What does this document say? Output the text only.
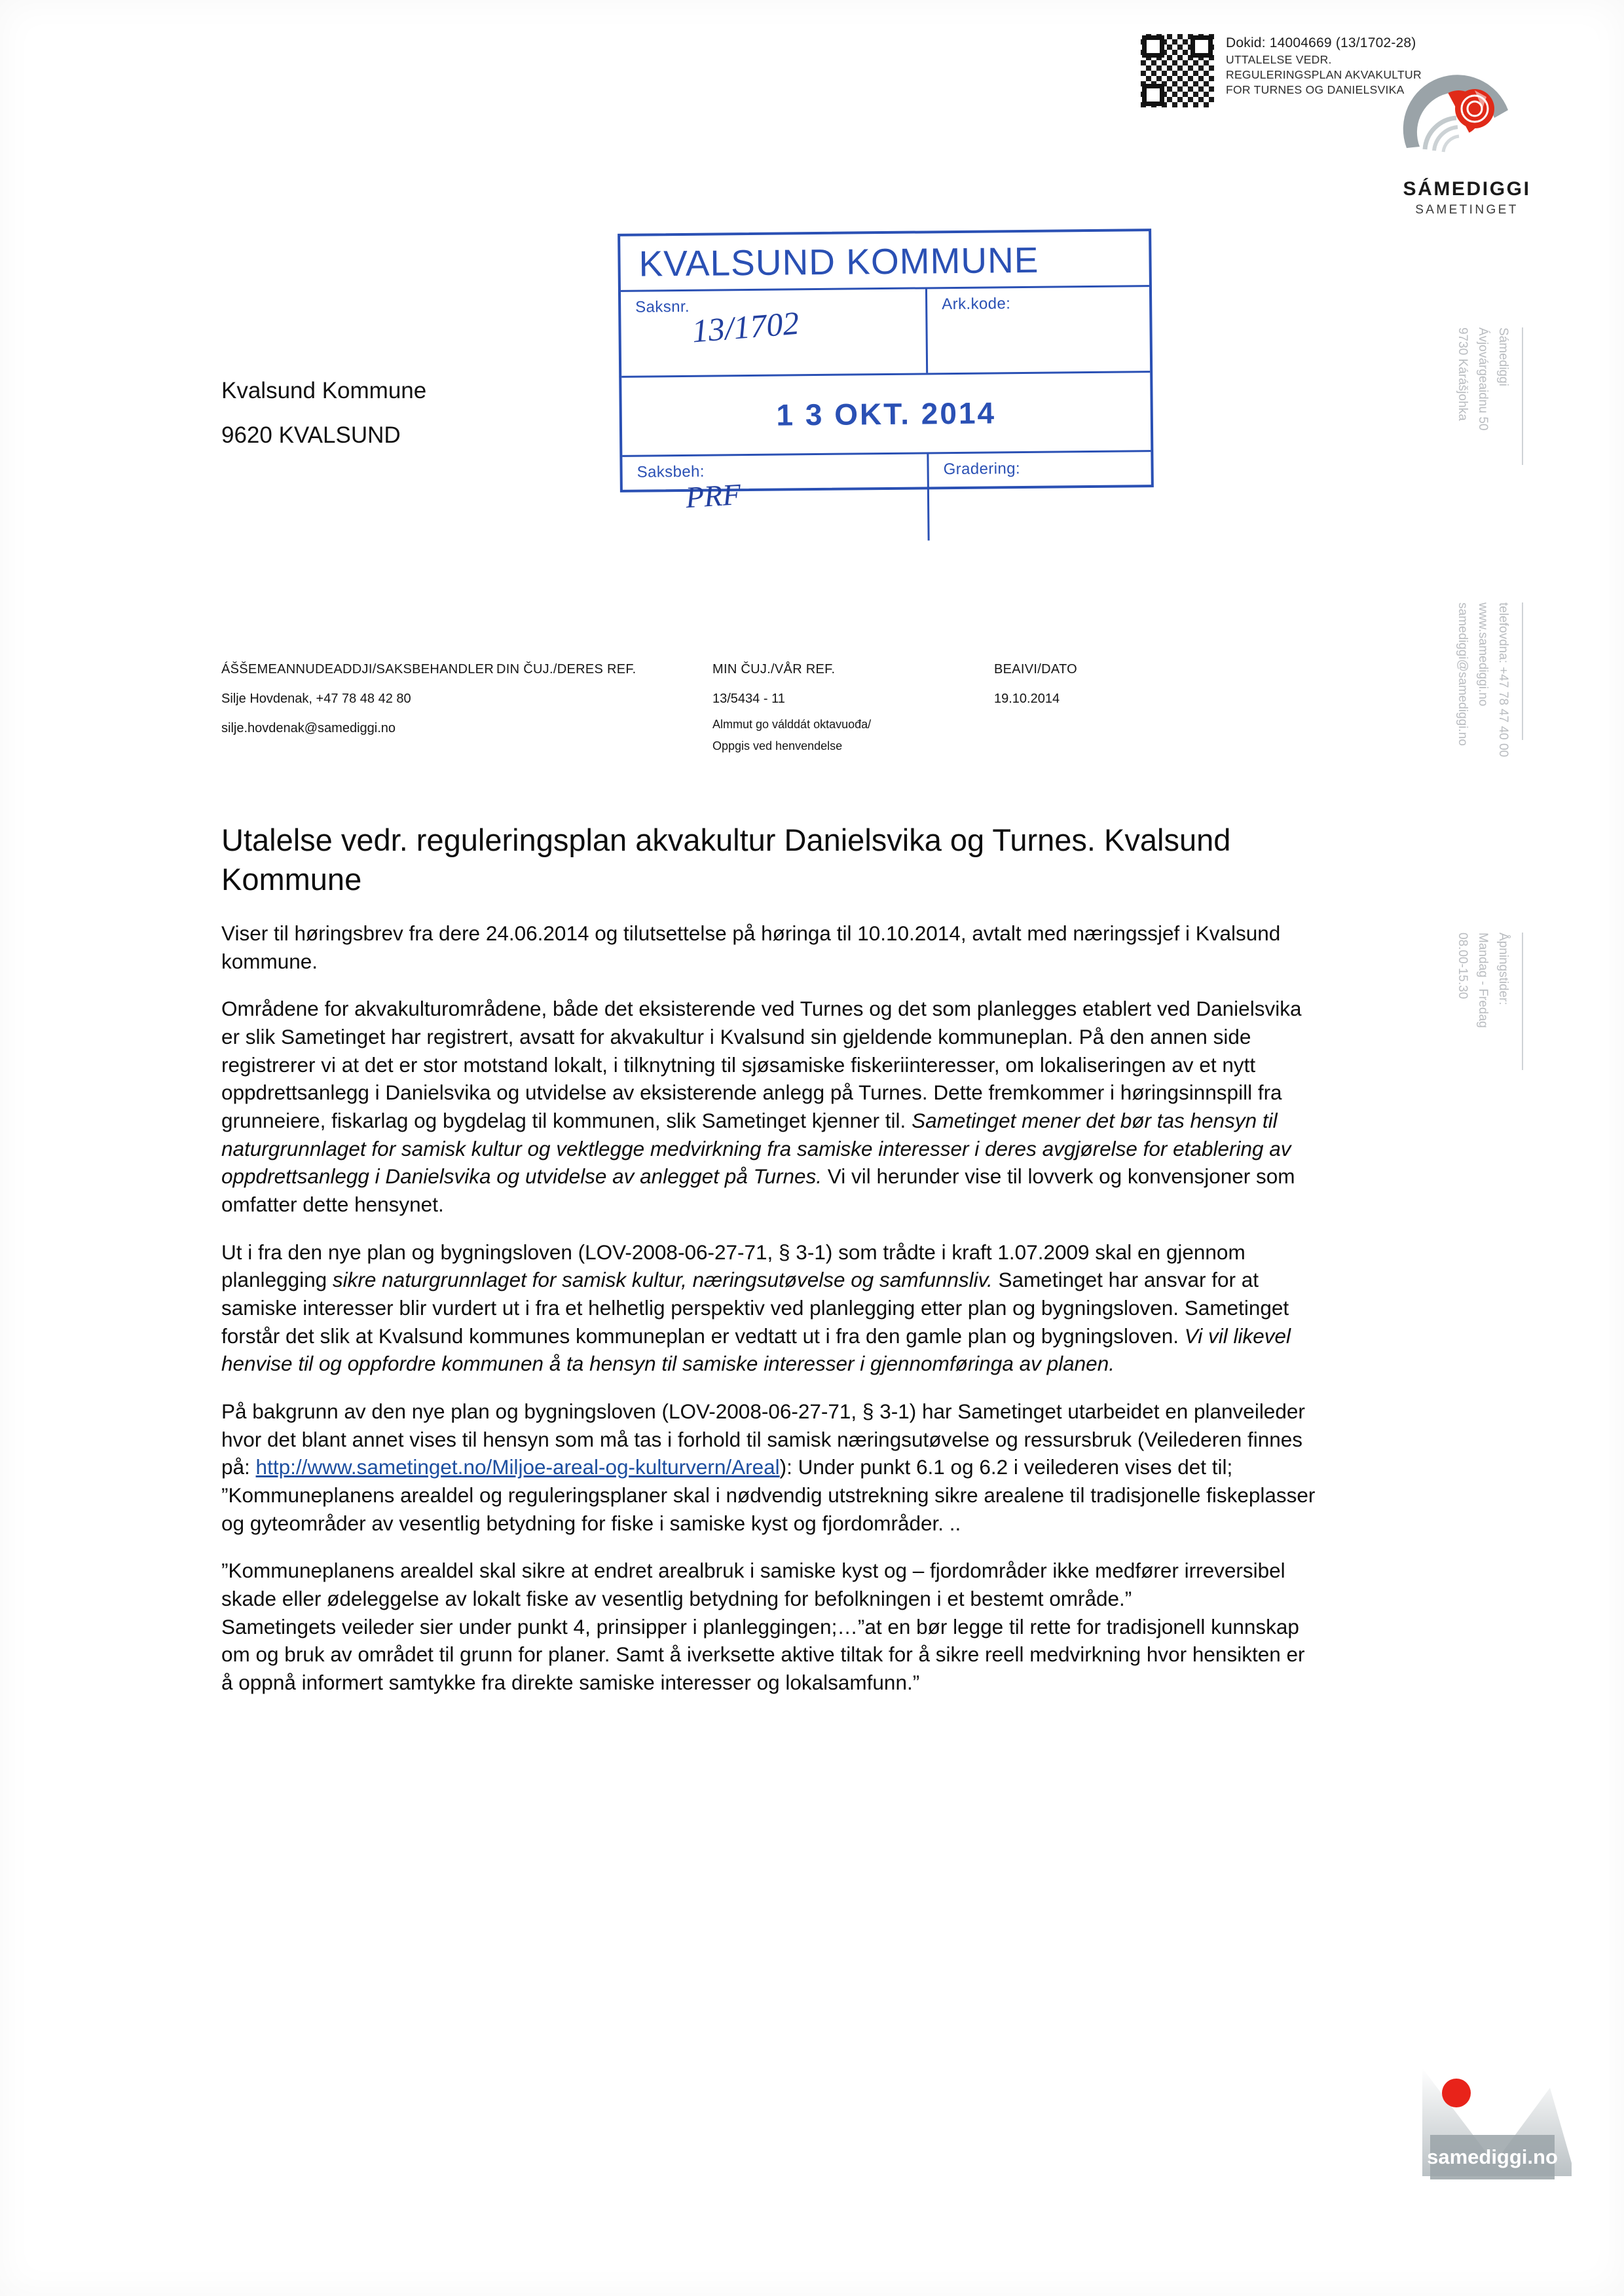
Dokid: 14004669 (13/1702-28)
UTTALELSE VEDR.
REGULERINGSPLAN AKVAKULTUR
FOR TURNES OG DANIELSVIKA
SÁMEDIGGI
SAMETINGET
Kvalsund Kommune
9620 KVALSUND
KVALSUND KOMMUNE
Saksnr. 13/1702
Ark.kode:
1 3 OKT. 2014
Saksbeh:
PRF
Gradering:
ÁŠŠEMEANNUDEADDJI/SAKSBEHANDLER
Silje Hovdenak, +47 78 48 42 80
silje.hovdenak@samediggi.no
DIN ČUJ./DERES REF.	MIN ČUJ./VÅR REF.
13/5434 - 11
Almmut go válddát oktavuođa/
Oppgis ved henvendelse
BEAIVI/DATO
19.10.2014
Utalelse vedr. reguleringsplan akvakultur Danielsvika og Turnes. Kvalsund Kommune

Viser til høringsbrev fra dere 24.06.2014 og tilutsettelse på høringa til 10.10.2014, avtalt med næringssjef i Kvalsund kommune.

Områdene for akvakulturområdene, både det eksisterende ved Turnes og det som planlegges etablert ved Danielsvika er slik Sametinget har registrert, avsatt for akvakultur i Kvalsund sin gjeldende kommuneplan. På den annen side registrerer vi at det er stor motstand lokalt, i tilknytning til sjøsamiske fiskeriinteresser, om lokaliseringen av et nytt oppdrettsanlegg i Danielsvika og utvidelse av eksisterende anlegg på Turnes. Dette fremkommer i høringsinnspill fra grunneiere, fiskarlag og bygdelag til kommunen, slik Sametinget kjenner til. Sametinget mener det bør tas hensyn til naturgrunnlaget for samisk kultur og vektlegge medvirkning fra samiske interesser i deres avgjørelse for etablering av oppdrettsanlegg i Danielsvika og utvidelse av anlegget på Turnes. Vi vil herunder vise til lovverk og konvensjoner som omfatter dette hensynet.

Ut i fra den nye plan og bygningsloven (LOV-2008-06-27-71, § 3-1) som trådte i kraft 1.07.2009 skal en gjennom planlegging sikre naturgrunnlaget for samisk kultur, næringsutøvelse og samfunnsliv. Sametinget har ansvar for at samiske interesser blir vurdert ut i fra et helhetlig perspektiv ved planlegging etter plan og bygningsloven. Sametinget forstår det slik at Kvalsund kommunes kommuneplan er vedtatt ut i fra den gamle plan og bygningsloven. Vi vil likevel henvise til og oppfordre kommunen å ta hensyn til samiske interesser i gjennomføringa av planen.

På bakgrunn av den nye plan og bygningsloven (LOV-2008-06-27-71, § 3-1) har Sametinget utarbeidet en planveileder hvor det blant annet vises til hensyn som må tas i forhold til samisk næringsutøvelse og ressursbruk (Veilederen finnes på: http://www.sametinget.no/Miljoe-areal-og-kulturvern/Areal): Under punkt 6.1 og 6.2 i veilederen vises det til; ”Kommuneplanens arealdel og reguleringsplaner skal i nødvendig utstrekning sikre arealene til tradisjonelle fiskeplasser og gyteområder av vesentlig betydning for fiske i samiske kyst og fjordområder. ..

”Kommuneplanens arealdel skal sikre at endret arealbruk i samiske kyst og – fjordområder ikke medfører irreversibel skade eller ødeleggelse av lokalt fiske av vesentlig betydning for befolkningen i et bestemt område.”

Sametingets veileder sier under punkt 4, prinsipper i planleggingen;…”at en bør legge til rette for tradisjonell kunnskap om og bruk av området til grunn for planer. Samt å iverksette aktive tiltak for å sikre reell medvirkning hvor hensikten er å oppnå informert samtykke fra direkte samiske interesser og lokalsamfunn.”

Sámediggi
Ávjovárgeaidnu 50
9730 Kárášjohka
telefovdna: +47 78 47 40 00
www.samediggi.no
samediggi@samediggi.no
Åpningstider:
Mandag - Fredag
08.00-15.30
samediggi.no
